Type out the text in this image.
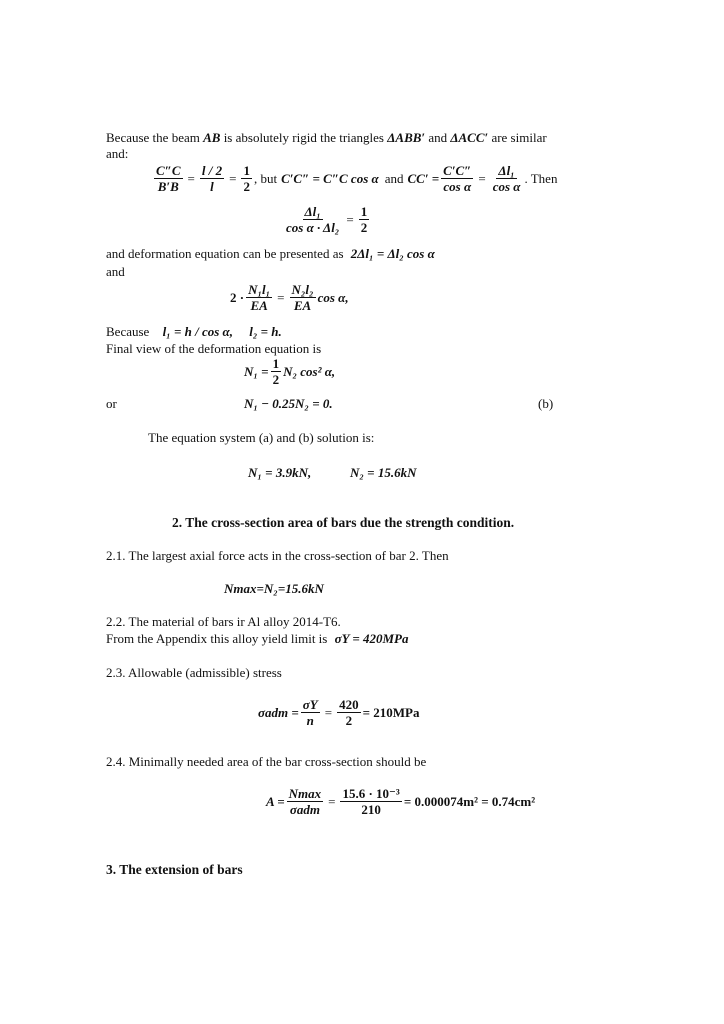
Because the beam AB is absolutely rigid the triangles ΔABB′ and ΔACC′ are similar
and:
$\frac{C''C}{B'B} = \frac{l / 2}{l} = \frac{1}{2}$ , but C′C″ = C″C cos α and $CC' = \frac{C'C''}{\text{cos α}} = \frac{\text{Δl₁}}{\text{cos α}}$ . Then
$\frac{\text{Δl₁}}{\text{cos α · Δl₂}} = \frac{1}{2}$
and deformation equation can be presented as 2Δl₁ = Δl₂ cos α
and
$2 \cdot \frac{\text{N₁l₁}}{EA} = \frac{\text{N₂l₂}}{EA}$ cos α,
Because l₁ = h / cos α,     l₂ = h.
Final view of the deformation equation is
$N_1 = \frac{1}{2} N_2$ cos² α,
or	N₁ − 0.25N₂ = 0.	(b)
The equation system (a) and (b) solution is:
N₁ = 3.9kN,	N₂ = 15.6kN
2. The cross-section area of bars due the strength condition.
2.1. The largest axial force acts in the cross-section of bar 2. Then
Nmax=N₂=15.6kN
2.2. The material of bars ir Al alloy 2014-T6.
From the Appendix this alloy yield limit is σY = 420MPa
2.3. Allowable (admissible) stress
$\sigma adm = \frac{\sigma Y}{n} = \frac{420}{2} = 210MPa$
2.4. Minimally needed area of the bar cross-section should be
$A = \frac{Nmax}{\text{σadm}} = \frac{\text{15.6 · 10⁻³}}{210} = 0.000074m^2 = 0.74cm^2$
3. The extension of bars
